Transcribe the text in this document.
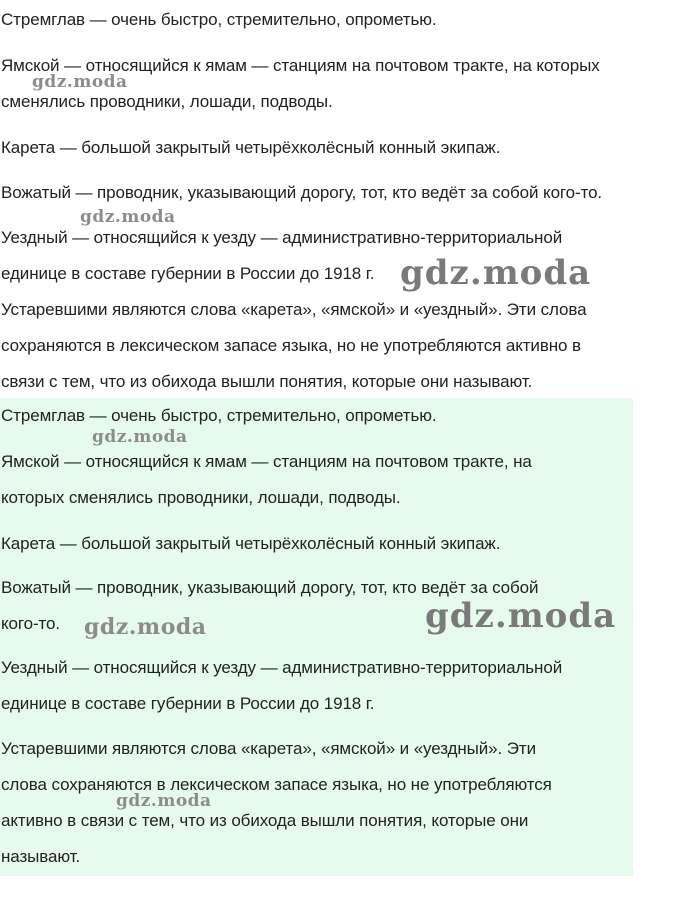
Стремглав — очень быстро, стремительно, опрометью.

Ямской — относящийся к ямам — станциям на почтовом тракте, на которых

сменялись проводники, лошади, подводы.

Карета — большой закрытый четырёхколёсный конный экипаж.

Вожатый — проводник, указывающий дорогу, тот, кто ведёт за собой кого-то.

Уездный — относящийся к уезду — административно-территориальной

единице в составе губернии в России до 1918 г.

Устаревшими являются слова «карета», «ямской» и «уездный». Эти слова

сохраняются в лексическом запасе языка, но не употребляются активно в

связи с тем, что из обихода вышли понятия, которые они называют.

Стремглав — очень быстро, стремительно, опрометью.

Ямской — относящийся к ямам — станциям на почтовом тракте, на

которых сменялись проводники, лошади, подводы.

Карета — большой закрытый четырёхколёсный конный экипаж.

Вожатый — проводник, указывающий дорогу, тот, кто ведёт за собой

кого-то.

Уездный — относящийся к уезду — административно-территориальной

единице в составе губернии в России до 1918 г.

Устаревшими являются слова «карета», «ямской» и «уездный». Эти

слова сохраняются в лексическом запасе языка, но не употребляются

активно в связи с тем, что из обихода вышли понятия, которые они

называют.

gdz.moda
gdz.moda
gdz.moda
gdz.moda
gdz.moda
gdz.moda
gdz.moda
